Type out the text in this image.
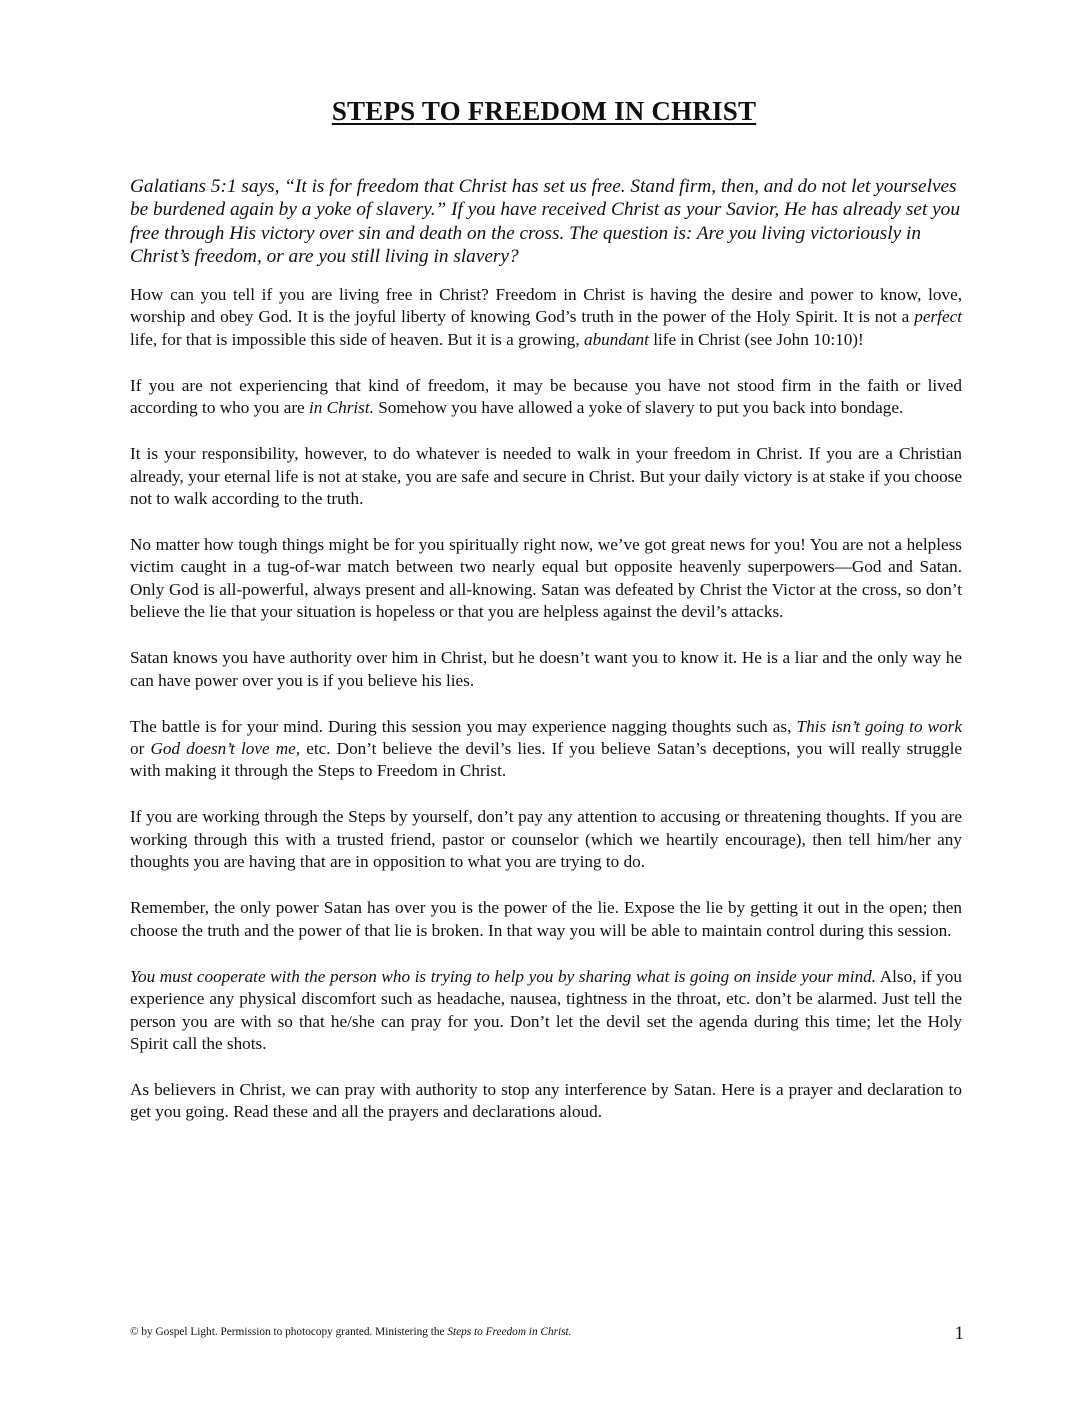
STEPS TO FREEDOM IN CHRIST
Galatians 5:1 says, “It is for freedom that Christ has set us free. Stand firm, then, and do not let yourselves be burdened again by a yoke of slavery.” If you have received Christ as your Savior, He has already set you free through His victory over sin and death on the cross. The question is: Are you living victoriously in Christ’s freedom, or are you still living in slavery?

How can you tell if you are living free in Christ? Freedom in Christ is having the desire and power to know, love, worship and obey God. It is the joyful liberty of knowing God’s truth in the power of the Holy Spirit. It is not a perfect life, for that is impossible this side of heaven. But it is a growing, abundant life in Christ (see John 10:10)!

If you are not experiencing that kind of freedom, it may be because you have not stood firm in the faith or lived according to who you are in Christ. Somehow you have allowed a yoke of slavery to put you back into bondage.

It is your responsibility, however, to do whatever is needed to walk in your freedom in Christ. If you are a Christian already, your eternal life is not at stake, you are safe and secure in Christ. But your daily victory is at stake if you choose not to walk according to the truth.

No matter how tough things might be for you spiritually right now, we’ve got great news for you! You are not a helpless victim caught in a tug-of-war match between two nearly equal but opposite heavenly superpowers—God and Satan. Only God is all-powerful, always present and all-knowing. Satan was defeated by Christ the Victor at the cross, so don’t believe the lie that your situation is hopeless or that you are helpless against the devil’s attacks.

Satan knows you have authority over him in Christ, but he doesn’t want you to know it. He is a liar and the only way he can have power over you is if you believe his lies.

The battle is for your mind. During this session you may experience nagging thoughts such as, This isn’t going to work or God doesn’t love me, etc. Don’t believe the devil’s lies. If you believe Satan’s deceptions, you will really struggle with making it through the Steps to Freedom in Christ.

If you are working through the Steps by yourself, don’t pay any attention to accusing or threatening thoughts. If you are working through this with a trusted friend, pastor or counselor (which we heartily encourage), then tell him/her any thoughts you are having that are in opposition to what you are trying to do.

Remember, the only power Satan has over you is the power of the lie. Expose the lie by getting it out in the open; then choose the truth and the power of that lie is broken. In that way you will be able to maintain control during this session.

You must cooperate with the person who is trying to help you by sharing what is going on inside your mind. Also, if you experience any physical discomfort such as headache, nausea, tightness in the throat, etc. don’t be alarmed. Just tell the person you are with so that he/she can pray for you. Don’t let the devil set the agenda during this time; let the Holy Spirit call the shots.

As believers in Christ, we can pray with authority to stop any interference by Satan. Here is a prayer and declaration to get you going. Read these and all the prayers and declarations aloud.

© by Gospel Light. Permission to photocopy granted. Ministering the Steps to Freedom in Christ.	1
